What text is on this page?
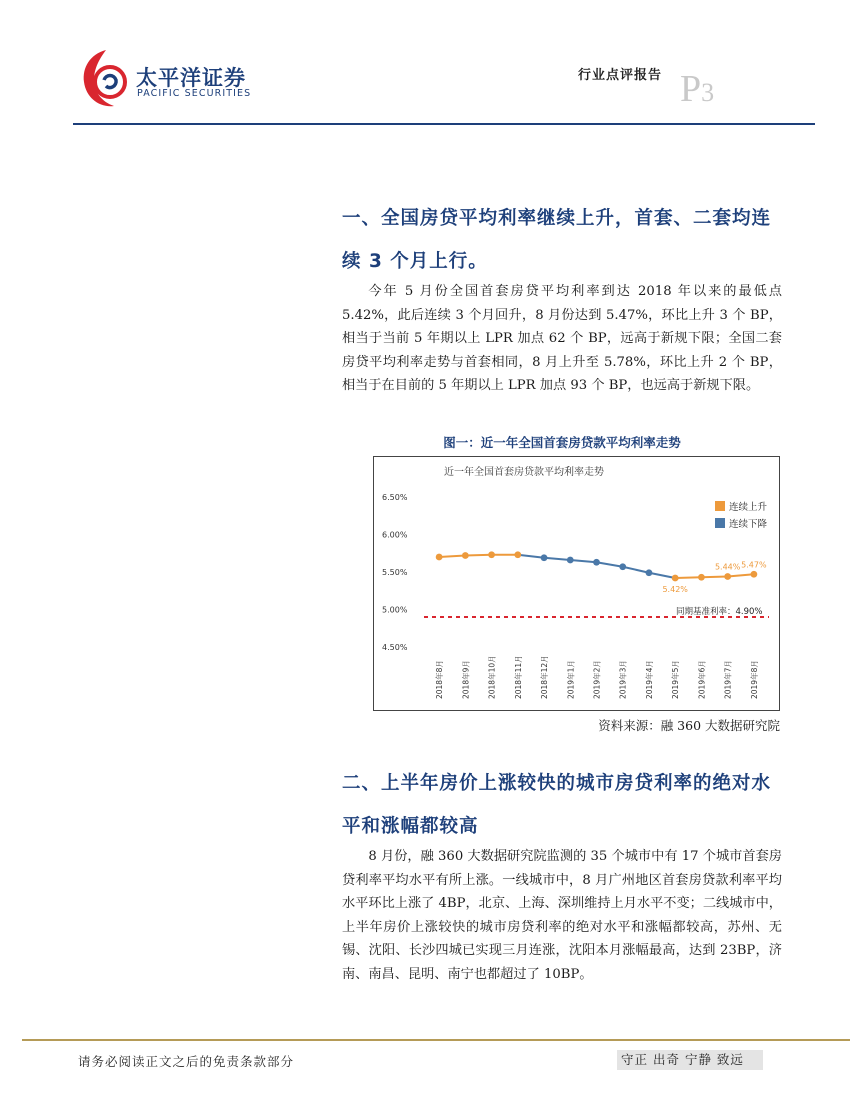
太平洋证券
PACIFIC SECURITIES
行业点评报告 P3
一、全国房贷平均利率继续上升，首套、二套均连
续 3 个月上行。

今年 5 月份全国首套房贷平均利率到达 2018 年以来的最低点 5.42%，此后连续 3 个月回升，8 月份达到 5.47%，环比上升 3 个 BP，相当于当前 5 年期以上 LPR 加点 62 个 BP，远高于新规下限；全国二套房贷平均利率走势与首套相同，8 月上升至 5.78%，环比上升 2 个 BP，相当于在目前的 5 年期以上 LPR 加点 93 个 BP，也远高于新规下限。

图一：近一年全国首套房贷款平均利率走势
近一年全国首套房贷款平均利率走势
4.50%
5.00%
5.50%
6.00%
6.50%
同期基准利率：4.90%
5.42%
5.44% 5.47%
2018年8月 2018年9月 2018年10月 2018年11月 2018年12月 2019年1月 2019年2月 2019年3月 2019年4月 2019年5月 2019年6月 2019年7月 2019年8月
连续上升
连续下降
资料来源：融 360 大数据研究院
二、上半年房价上涨较快的城市房贷利率的绝对水
平和涨幅都较高

8 月份，融 360 大数据研究院监测的 35 个城市中有 17 个城市首套房贷利率平均水平有所上涨。一线城市中，8 月广州地区首套房贷款利率平均水平环比上涨了 4BP，北京、上海、深圳维持上月水平不变；二线城市中，上半年房价上涨较快的城市房贷利率的绝对水平和涨幅都较高，苏州、无锡、沈阳、长沙四城已实现三月连涨，沈阳本月涨幅最高，达到 23BP，济南、南昌、昆明、南宁也都超过了 10BP。

请务必阅读正文之后的免责条款部分	守正 出奇 宁静 致远
